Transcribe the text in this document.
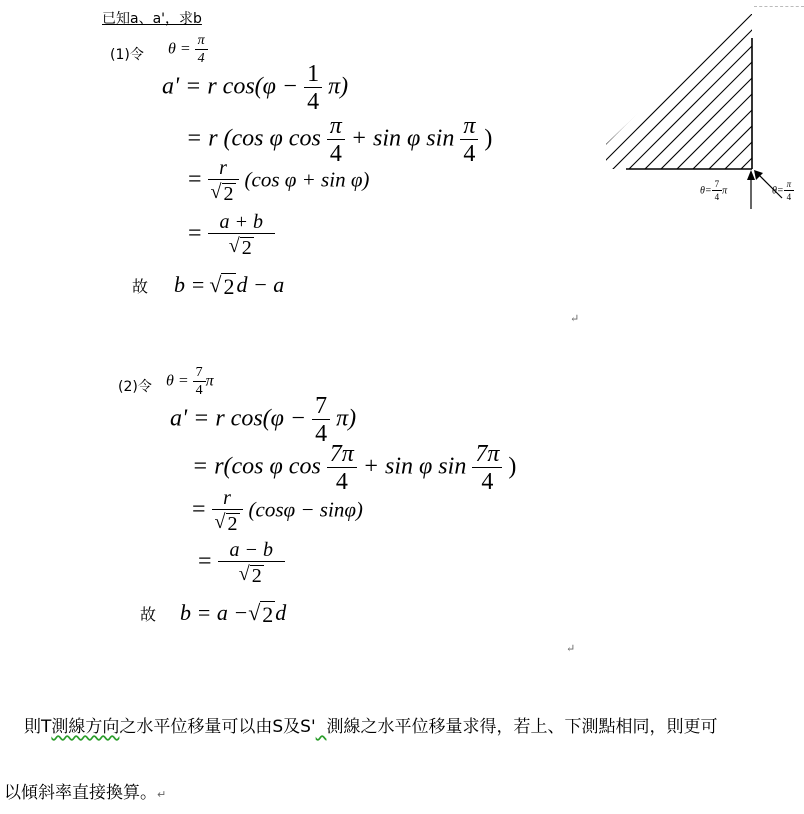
已知a、a'，求b
(1)令 $\theta = \frac{\pi}{4}$
a' = r $\cos(\varphi - \frac{1}{4} \pi)$
= r (cos φ $\cos \frac{\pi}{4} + \sin \varphi$ $\sin \frac{\pi}{4}$ )
= $\frac{r}{√ 2} (\cos$ φ + sin φ)
= $\frac{a + b}{√ 2}$
故 b = √2d − a
↵
(2)令 $\theta = \frac{7}{4}$ π
a' = r $\cos(\varphi - \frac{7}{4} \pi)$
= r(cos φ $\cos \frac{7\pi}{4} + \sin \varphi$ $\sin \frac{7\pi}{4}$ )
= $\frac{r}{√ 2} (\cos\varphi - \sin\varphi)$
= $\frac{a - b}{√ 2}$
故 b = a −√2d
↵
$\theta= \frac{7}{4}$ π	$\theta= \frac{\pi}{4}$
則T測線方向之水平位移量可以由S及S' 測線之水平位移量求得，若上、下測點相同，則更可
以傾斜率直接換算。↵
